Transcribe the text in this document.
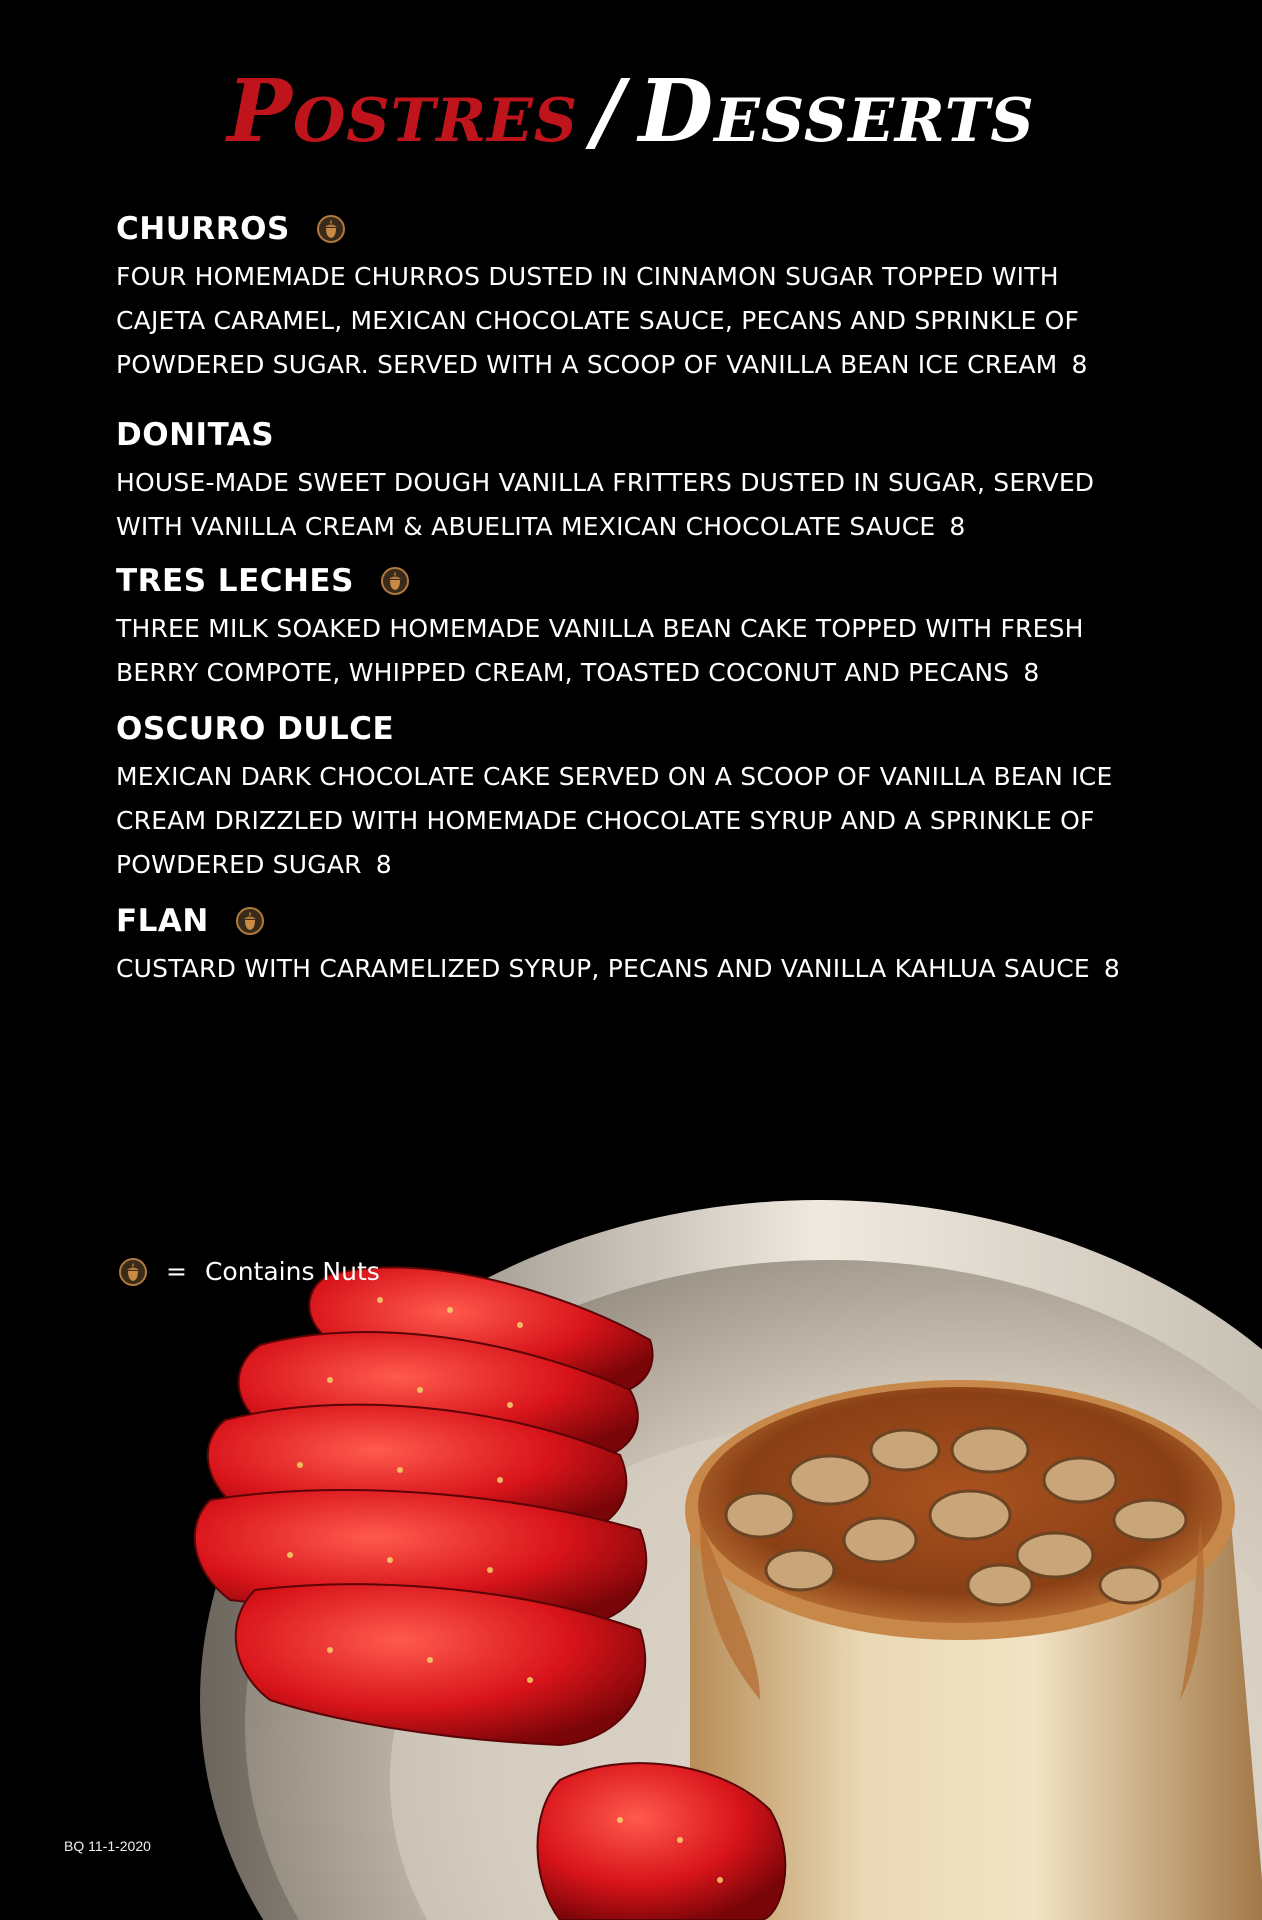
Postres / Desserts
CHURROS
FOUR HOMEMADE CHURROS DUSTED IN CINNAMON SUGAR TOPPED WITH CAJETA CARAMEL, MEXICAN CHOCOLATE SAUCE, PECANS AND SPRINKLE OF POWDERED SUGAR. SERVED WITH A SCOOP OF VANILLA BEAN ICE CREAM 8
DONITAS
HOUSE-MADE SWEET DOUGH VANILLA FRITTERS DUSTED IN SUGAR, SERVED WITH VANILLA CREAM & ABUELITA MEXICAN CHOCOLATE SAUCE 8
TRES LECHES
THREE MILK SOAKED HOMEMADE VANILLA BEAN CAKE TOPPED WITH FRESH BERRY COMPOTE, WHIPPED CREAM, TOASTED COCONUT AND PECANS 8
OSCURO DULCE
MEXICAN DARK CHOCOLATE CAKE SERVED ON A SCOOP OF VANILLA BEAN ICE CREAM DRIZZLED WITH HOMEMADE CHOCOLATE SYRUP AND A SPRINKLE OF POWDERED SUGAR 8
FLAN
CUSTARD WITH CARAMELIZED SYRUP, PECANS AND VANILLA KAHLUA SAUCE 8
= Contains Nuts
BQ 11-1-2020
